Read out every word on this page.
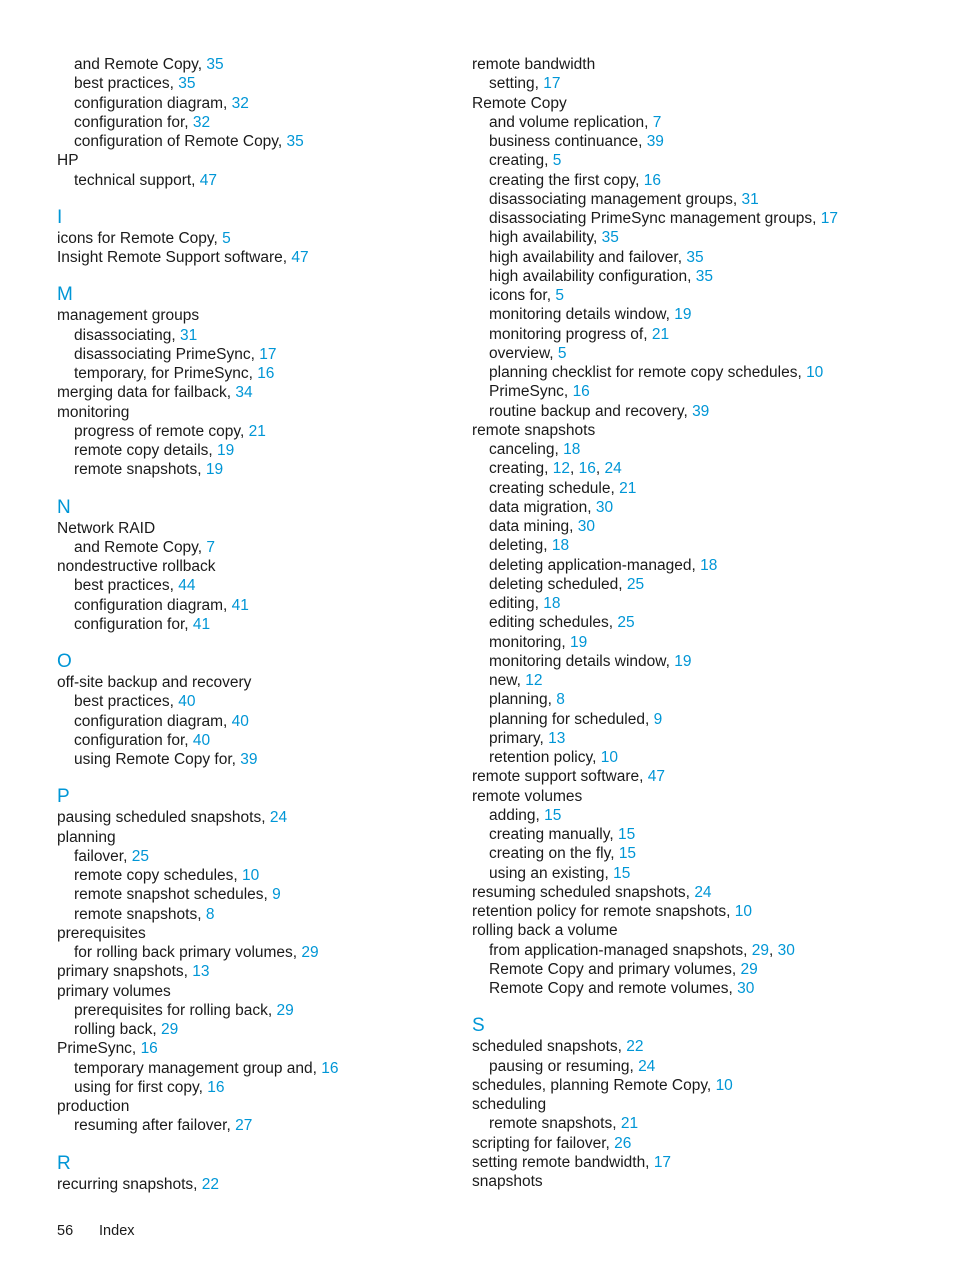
and Remote Copy, 35
best practices, 35
configuration diagram, 32
configuration for, 32
configuration of Remote Copy, 35
HP
technical support, 47
I
icons for Remote Copy, 5
Insight Remote Support software, 47
M
management groups
disassociating, 31
disassociating PrimeSync, 17
temporary, for PrimeSync, 16
merging data for failback, 34
monitoring
progress of remote copy, 21
remote copy details, 19
remote snapshots, 19
N
Network RAID
and Remote Copy, 7
nondestructive rollback
best practices, 44
configuration diagram, 41
configuration for, 41
O
off-site backup and recovery
best practices, 40
configuration diagram, 40
configuration for, 40
using Remote Copy for, 39
P
pausing scheduled snapshots, 24
planning
failover, 25
remote copy schedules, 10
remote snapshot schedules, 9
remote snapshots, 8
prerequisites
for rolling back primary volumes, 29
primary snapshots, 13
primary volumes
prerequisites for rolling back, 29
rolling back, 29
PrimeSync, 16
temporary management group and, 16
using for first copy, 16
production
resuming after failover, 27
R
recurring snapshots, 22
remote bandwidth
setting, 17
Remote Copy
and volume replication, 7
business continuance, 39
creating, 5
creating the first copy, 16
disassociating management groups, 31
disassociating PrimeSync management groups, 17
high availability, 35
high availability and failover, 35
high availability configuration, 35
icons for, 5
monitoring details window, 19
monitoring progress of, 21
overview, 5
planning checklist for remote copy schedules, 10
PrimeSync, 16
routine backup and recovery, 39
remote snapshots
canceling, 18
creating, 12, 16, 24
creating schedule, 21
data migration, 30
data mining, 30
deleting, 18
deleting application-managed, 18
deleting scheduled, 25
editing, 18
editing schedules, 25
monitoring, 19
monitoring details window, 19
new, 12
planning, 8
planning for scheduled, 9
primary, 13
retention policy, 10
remote support software, 47
remote volumes
adding, 15
creating manually, 15
creating on the fly, 15
using an existing, 15
resuming scheduled snapshots, 24
retention policy for remote snapshots, 10
rolling back a volume
from application-managed snapshots, 29, 30
Remote Copy and primary volumes, 29
Remote Copy and remote volumes, 30
S
scheduled snapshots, 22
pausing or resuming, 24
schedules, planning Remote Copy, 10
scheduling
remote snapshots, 21
scripting for failover, 26
setting remote bandwidth, 17
snapshots
56 Index
